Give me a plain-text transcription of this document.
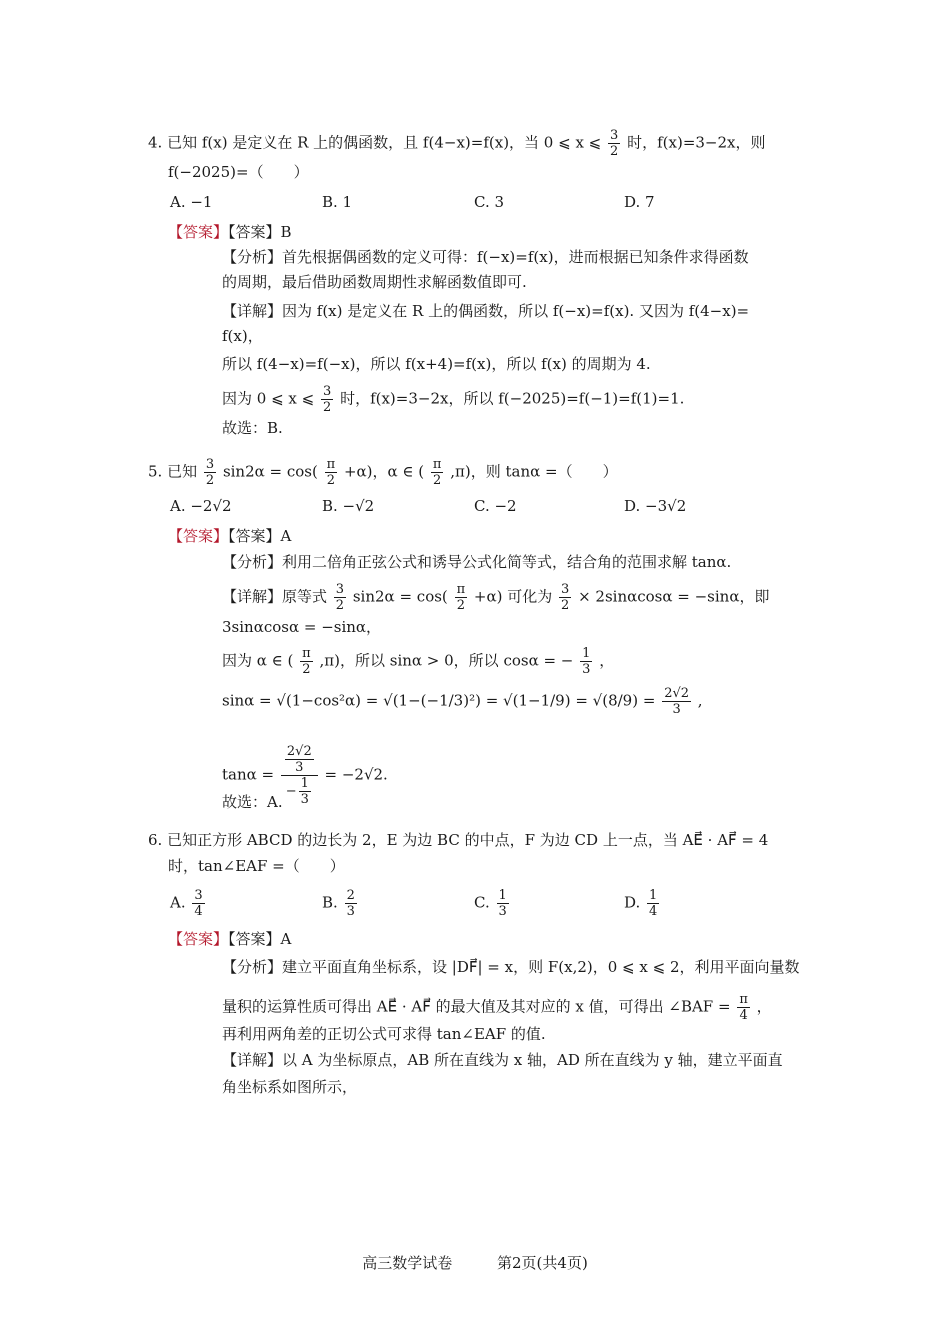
4. 已知 f(x) 是定义在 R 上的偶函数，且 f(4−x)=f(x)，当 0 ⩽ x ⩽ $\frac{3}{2}$ 时，f(x)=3−2x，则
f(−2025)=（　　）
A. −1	B. 1	C. 3	D. 7
【答案】【答案】B
【分析】首先根据偶函数的定义可得：f(−x)=f(x)，进而根据已知条件求得函数
的周期，最后借助函数周期性求解函数值即可.
【详解】因为 f(x) 是定义在 R 上的偶函数，所以 f(−x)=f(x). 又因为 f(4−x)=
f(x)，
所以 f(4−x)=f(−x)，所以 f(x+4)=f(x)，所以 f(x) 的周期为 4.
因为 0 ⩽ x ⩽ $\frac{3}{2}$ 时，f(x)=3−2x，所以 f(−2025)=f(−1)=f(1)=1.
故选：B.
5. 已知 $\frac{3}{2} \sin 2\alpha = \cos( \frac{\pi}{2} +\alpha)$，α ∈ ( $\frac{\pi}{2} ,\pi$)，则 tanα =（　　）
A. −2√2	B. −√2	C. −2	D. −3√2
【答案】【答案】A
【分析】利用二倍角正弦公式和诱导公式化简等式，结合角的范围求解 tanα.
【详解】原等式 $\frac{3}{2} \sin 2\alpha = \cos( \frac{\pi}{2} +\alpha)$ 可化为 $\frac{3}{2} \times 2\sin\alpha\cos\alpha = -\sin\alpha$，即
3sinαcosα = −sinα，
因为 α ∈ ( $\frac{\pi}{2} ,\pi$)，所以 sinα > 0，所以 cosα = − $\frac{1}{3}$ ，
$\sin\alpha = √(1-\cos^2\alpha) = √(1-(-1/3)^2) = √(1-1/9) = √(8/9) = \frac{2√2}{3}$ ,
$\tan\alpha = \frac{\frac{2√2}{3}}{- \frac{1}{3}} = -2√2$.
故选：A.
6. 已知正方形 ABCD 的边长为 2，E 为边 BC 的中点，F 为边 CD 上一点，当 AE⃗ · AF⃗ = 4
时，tan∠EAF =（　　）
A. $\frac{3}{4}$	B. $\frac{2}{3}$	C. $\frac{1}{3}$	D. $\frac{1}{4}$
【答案】【答案】A
【分析】建立平面直角坐标系，设 |DF⃗| = x，则 F(x,2)，0 ⩽ x ⩽ 2，利用平面向量数
量积的运算性质可得出 AE⃗ · AF⃗ 的最大值及其对应的 x 值，可得出 ∠BAF = $\frac{\pi}{4}$ ，
再利用两角差的正切公式可求得 tan∠EAF 的值.
【详解】以 A 为坐标原点，AB 所在直线为 x 轴，AD 所在直线为 y 轴，建立平面直
角坐标系如图所示，
高三数学试卷	第2页(共4页)
